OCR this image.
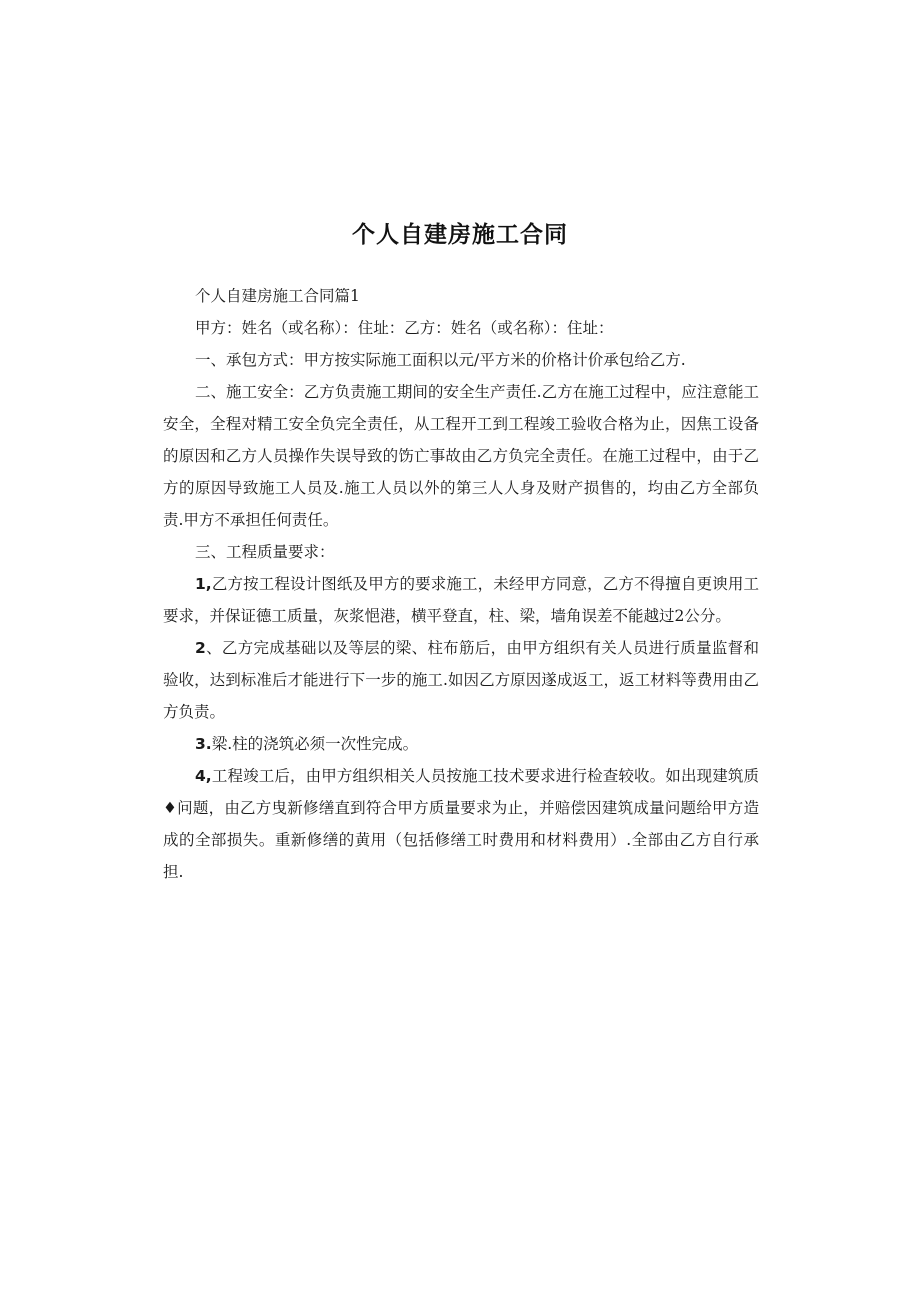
个人自建房施工合同

个人自建房施工合同篇1

甲方：姓名（或名称）：住址：乙方：姓名（或名称）：住址：

一、承包方式：甲方按实际施工面积以元/平方米的价格计价承包给乙方.

二、施工安全：乙方负责施工期间的安全生产责任.乙方在施工过程中，应注意能工安全，全程对精工安全负完全责任，从工程开工到工程竣工验收合格为止，因焦工设备的原因和乙方人员操作失误导致的饬亡事故由乙方负完全责任。在施工过程中，由于乙方的原因导致施工人员及.施工人员以外的第三人人身及财产损售的，均由乙方全部负责.甲方不承担任何责任。

三、工程质量要求：

1,乙方按工程设计图纸及甲方的要求施工，未经甲方同意，乙方不得擅自更谀用工要求，并保证德工质量，灰浆悒港，横平登直，柱、梁，墙角误差不能越过2公分。

2、乙方完成基础以及等层的梁、柱布筋后，由甲方组织有关人员进行质量监督和验收，达到标准后才能进行下一步的施工.如因乙方原因遂成返工，返工材料等费用由乙方负责。

3.梁.柱的浇筑必须一次性完成。

4,工程竣工后，由甲方组织相关人员按施工技术要求进行检查较收。如出现建筑质♦问题，由乙方曳新修缮直到符合甲方质量要求为止，并赔偿因建筑成量问题给甲方造成的全部损失。重新修缮的黄用（包括修缮工时费用和材料费用）.全部由乙方自行承担.
